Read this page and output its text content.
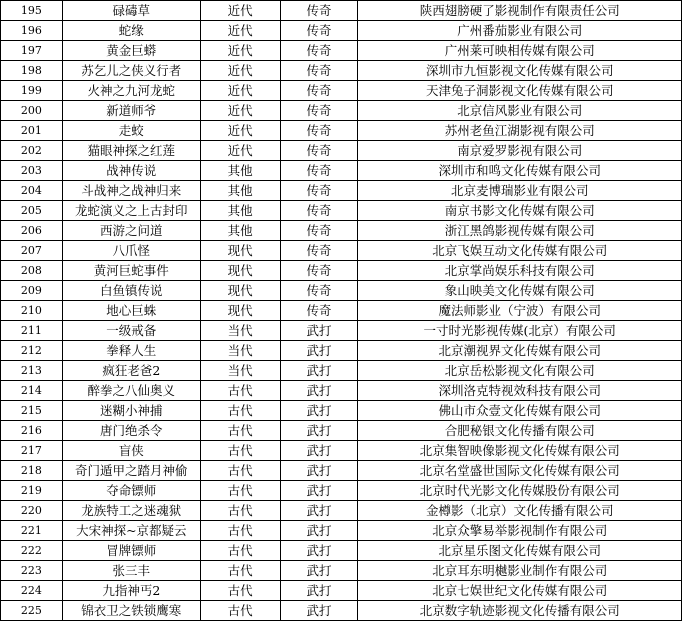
195	碌碡草	近代	传奇	陕西翅膀硬了影视制作有限责任公司
196	蛇缘	近代	传奇	广州番茄影业有限公司
197	黄金巨蟒	近代	传奇	广州莱可映相传媒有限公司
198	苏乞儿之侠义行者	近代	传奇	深圳市九恒影视文化传媒有限公司
199	火神之九河龙蛇	近代	传奇	天津兔子洞影视文化传媒有限公司
200	新道师爷	近代	传奇	北京信风影业有限公司
201	走蛟	近代	传奇	苏州老鱼江湖影视有限公司
202	猫眼神探之红莲	近代	传奇	南京爱罗影视有限公司
203	战神传说	其他	传奇	深圳市和鸣文化传媒有限公司
204	斗战神之战神归来	其他	传奇	北京麦博瑞影业有限公司
205	龙蛇演义之上古封印	其他	传奇	南京书影文化传媒有限公司
206	西游之问道	其他	传奇	浙江黑鸽影视传媒有限公司
207	八爪怪	现代	传奇	北京飞娱互动文化传媒有限公司
208	黄河巨蛇事件	现代	传奇	北京掌尚娱乐科技有限公司
209	白鱼镇传说	现代	传奇	象山映美文化传媒有限公司
210	地心巨蛛	现代	传奇	魔法师影业（宁波）有限公司
211	一级戒备	当代	武打	一寸时光影视传媒(北京）有限公司
212	拳释人生	当代	武打	北京潮视界文化传媒有限公司
213	疯狂老爸2	当代	武打	北京岳松影视文化有限公司
214	醉拳之八仙奥义	古代	武打	深圳洛克特视效科技有限公司
215	迷糊小神捕	古代	武打	佛山市众壹文化传媒有限公司
216	唐门绝杀令	古代	武打	合肥秘银文化传播有限公司
217	盲侠	古代	武打	北京集智映像影视文化传媒有限公司
218	奇门遁甲之踏月神偷	古代	武打	北京名堂盛世国际文化传媒有限公司
219	夺命镖师	古代	武打	北京时代光影文化传媒股份有限公司
220	龙族特工之迷魂狱	古代	武打	金樽影（北京）文化传播有限公司
221	大宋神探~京都疑云	古代	武打	北京众擎易举影视制作有限公司
222	冒牌镖师	古代	武打	北京星乐图文化传媒有限公司
223	张三丰	古代	武打	北京耳东明樾影业制作有限公司
224	九指神丐2	古代	武打	北京七娱世纪文化传媒有限公司
225	锦衣卫之铁锁鹰寒	古代	武打	北京数字轨迹影视文化传播有限公司
